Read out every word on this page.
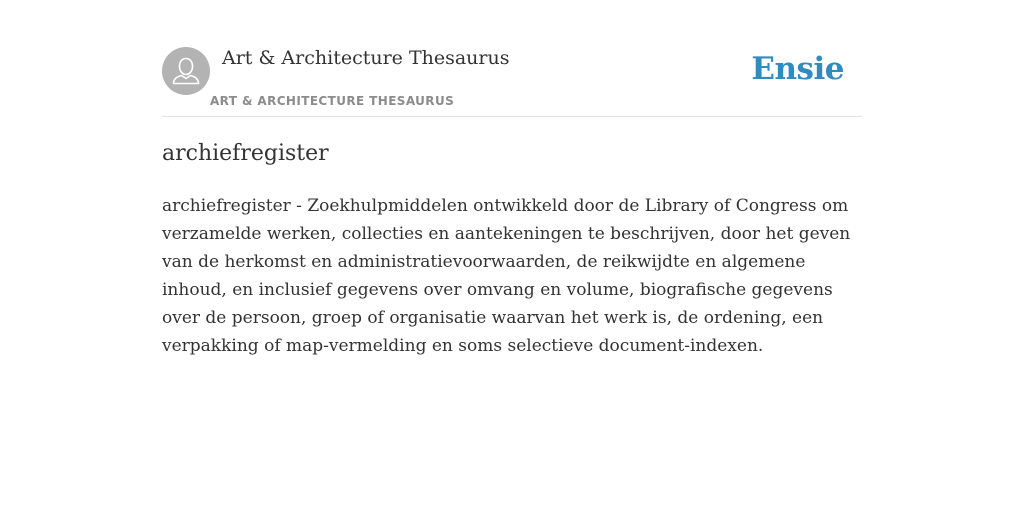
Art & Architecture Thesaurus
ART & ARCHITECTURE THESAURUS
Ensie
archiefregister

archiefregister - Zoekhulpmiddelen ontwikkeld door de Library of Congress om verzamelde werken, collecties en aantekeningen te beschrijven, door het geven van de herkomst en administratievoorwaarden, de reikwijdte en algemene inhoud, en inclusief gegevens over omvang en volume, biografische gegevens over de persoon, groep of organisatie waarvan het werk is, de ordening, een verpakking of map-vermelding en soms selectieve document-indexen.
